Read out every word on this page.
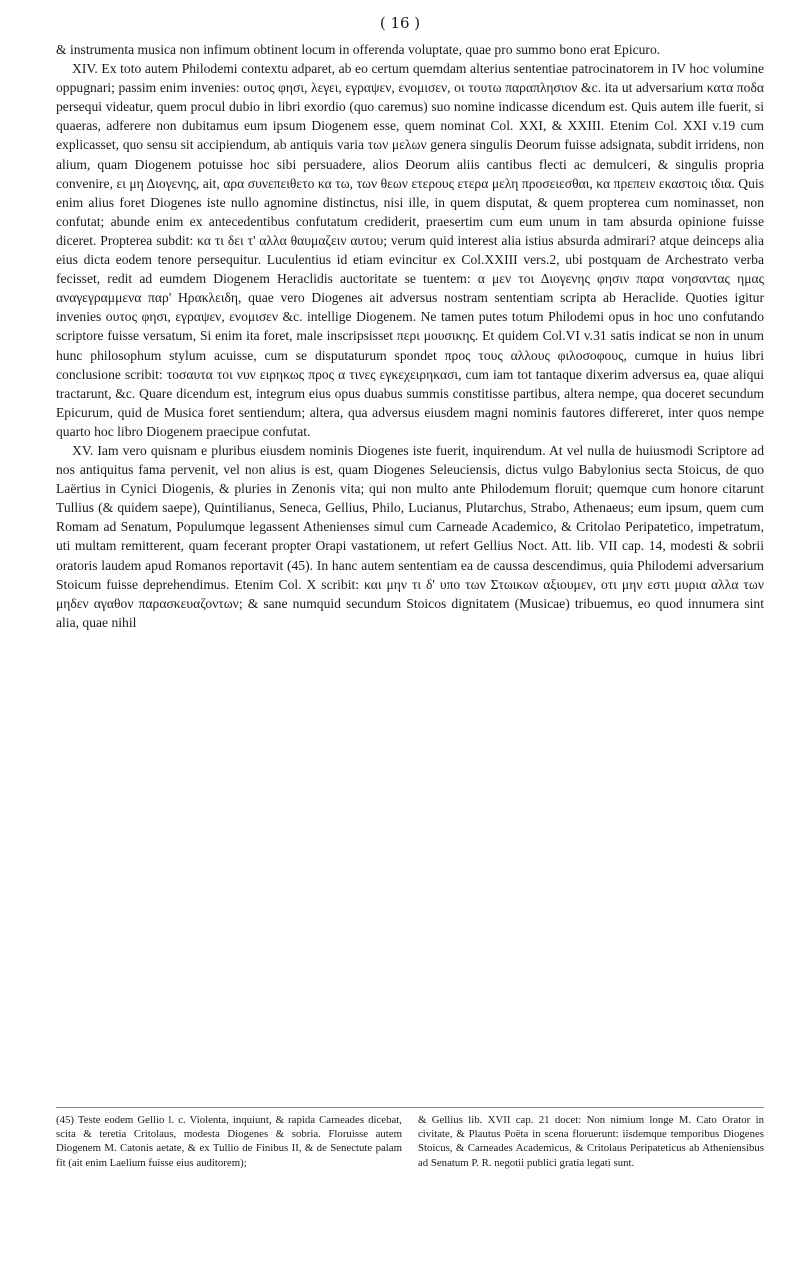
( 16 )

& instrumenta musica non infimum obtinent locum in offerenda voluptate, quae pro summo bono erat Epicuro.

XIV. Ex toto autem Philodemi contextu adparet, ab eo certum quemdam alterius sententiae patrocinatorem in IV hoc volumine oppugnari; passim enim invenies: ουτος φησι, λεγει, εγραψεν, ενομισεν, οι τουτω παραπλησιον &c. ita ut adversarium κατα ποδα persequi videatur, quem procul dubio in libri exordio (quo caremus) suo nomine indicasse dicendum est. Quis autem ille fuerit, si quaeras, adferere non dubitamus eum ipsum Diogenem esse, quem nominat Col. XXI, & XXIII. Etenim Col. XXI v.19 cum explicasset, quo sensu sit accipiendum, ab antiquis varia των μελων genera singulis Deorum fuisse adsignata, subdit irridens, non alium, quam Diogenem potuisse hoc sibi persuadere, alios Deorum aliis cantibus flecti ac demulceri, & singulis propria convenire, ει μη Διογενης, ait, αρα συνεπειθετο κα τω, των θεων ετερους ετερα μελη προσειεσθαι, κα πρεπειν εκαστοις ιδια. Quis enim alius foret Diogenes iste nullo agnomine distinctus, nisi ille, in quem disputat, & quem propterea cum nominasset, non confutat; abunde enim ex antecedentibus confutatum crediderit, praesertim cum eum unum in tam absurda opinione fuisse diceret. Propterea subdit: κα τι δει τ' αλλα θαυμαζειν αυτου; verum quid interest alia istius absurda admirari? atque deinceps alia eius dicta eodem tenore persequitur. Luculentius id etiam evincitur ex Col.XXIII vers.2, ubi postquam de Archestrato verba fecisset, redit ad eumdem Diogenem Heraclidis auctoritate se tuentem: α μεν τοι Διογενης φησιν παρα νοησαντας ημας αναγεγραμμενα παρ' Ηρακλειδη, quae vero Diogenes ait adversus nostram sententiam scripta ab Heraclide. Quoties igitur invenies ουτος φησι, εγραψεν, ενομισεν &c. intellige Diogenem. Ne tamen putes totum Philodemi opus in hoc uno confutando scriptore fuisse versatum, Si enim ita foret, male inscripsisset περι μουσικης. Et quidem Col.VI v.31 satis indicat se non in unum hunc philosophum stylum acuisse, cum se disputaturum spondet προς τους αλλους φιλοσοφους, cumque in huius libri conclusione scribit: τοσαυτα τοι νυν ειρηκως προς α τινες εγκεχειρηκασι, cum iam tot tantaque dixerim adversus ea, quae aliqui tractarunt, &c. Quare dicendum est, integrum eius opus duabus summis constitisse partibus, altera nempe, qua doceret secundum Epicurum, quid de Musica foret sentiendum; altera, qua adversus eiusdem magni nominis fautores differeret, inter quos nempe quarto hoc libro Diogenem praecipue confutat.

XV. Iam vero quisnam e pluribus eiusdem nominis Diogenes iste fuerit, inquirendum. At vel nulla de huiusmodi Scriptore ad nos antiquitus fama pervenit, vel non alius is est, quam Diogenes Seleuciensis, dictus vulgo Babylonius secta Stoicus, de quo Laërtius in Cynici Diogenis, & pluries in Zenonis vita; qui non multo ante Philodemum floruit; quemque cum honore citarunt Tullius (& quidem saepe), Quintilianus, Seneca, Gellius, Philo, Lucianus, Plutarchus, Strabo, Athenaeus; eum ipsum, quem cum Romam ad Senatum, Populumque legassent Athenienses simul cum Carneade Academico, & Critolao Peripatetico, impetratum, uti multam remitterent, quam fecerant propter Orapi vastationem, ut refert Gellius Noct. Att. lib. VII cap. 14, modesti & sobrii oratoris laudem apud Romanos reportavit (45). In hanc autem sententiam ea de caussa descendimus, quia Philodemi adversarium Stoicum fuisse deprehendimus. Etenim Col. X scribit: και μην τι δ' υπο των Στωικων αξιουμεν, οτι μην εστι μυρια αλλα των μηδεν αγαθον παρασκευαζοντων; & sane numquid secundum Stoicos dignitatem (Musicae) tribuemus, eo quod innumera sint alia, quae nihil

(45) Teste eodem Gellio l. c. Violenta, inquiunt, & rapida Carneades dicebat, scita & teretia Critolaus, modesta Diogenes & sobria. Floruisse autem Diogenem M. Catonis aetate, & ex Tullio de Finibus II, & de Senectute palam fit (ait enim Laelium fuisse eius auditorem);
& Gellius lib. XVII cap. 21 docet: Non nimium longe M. Cato Orator in civitate, & Plautus Poëta in scena floruerunt: iisdemque temporibus Diogenes Stoicus, & Carneades Academicus, & Critolaus Peripateticus ab Atheniensibus ad Senatum P. R. negotii publici gratia legati sunt.
